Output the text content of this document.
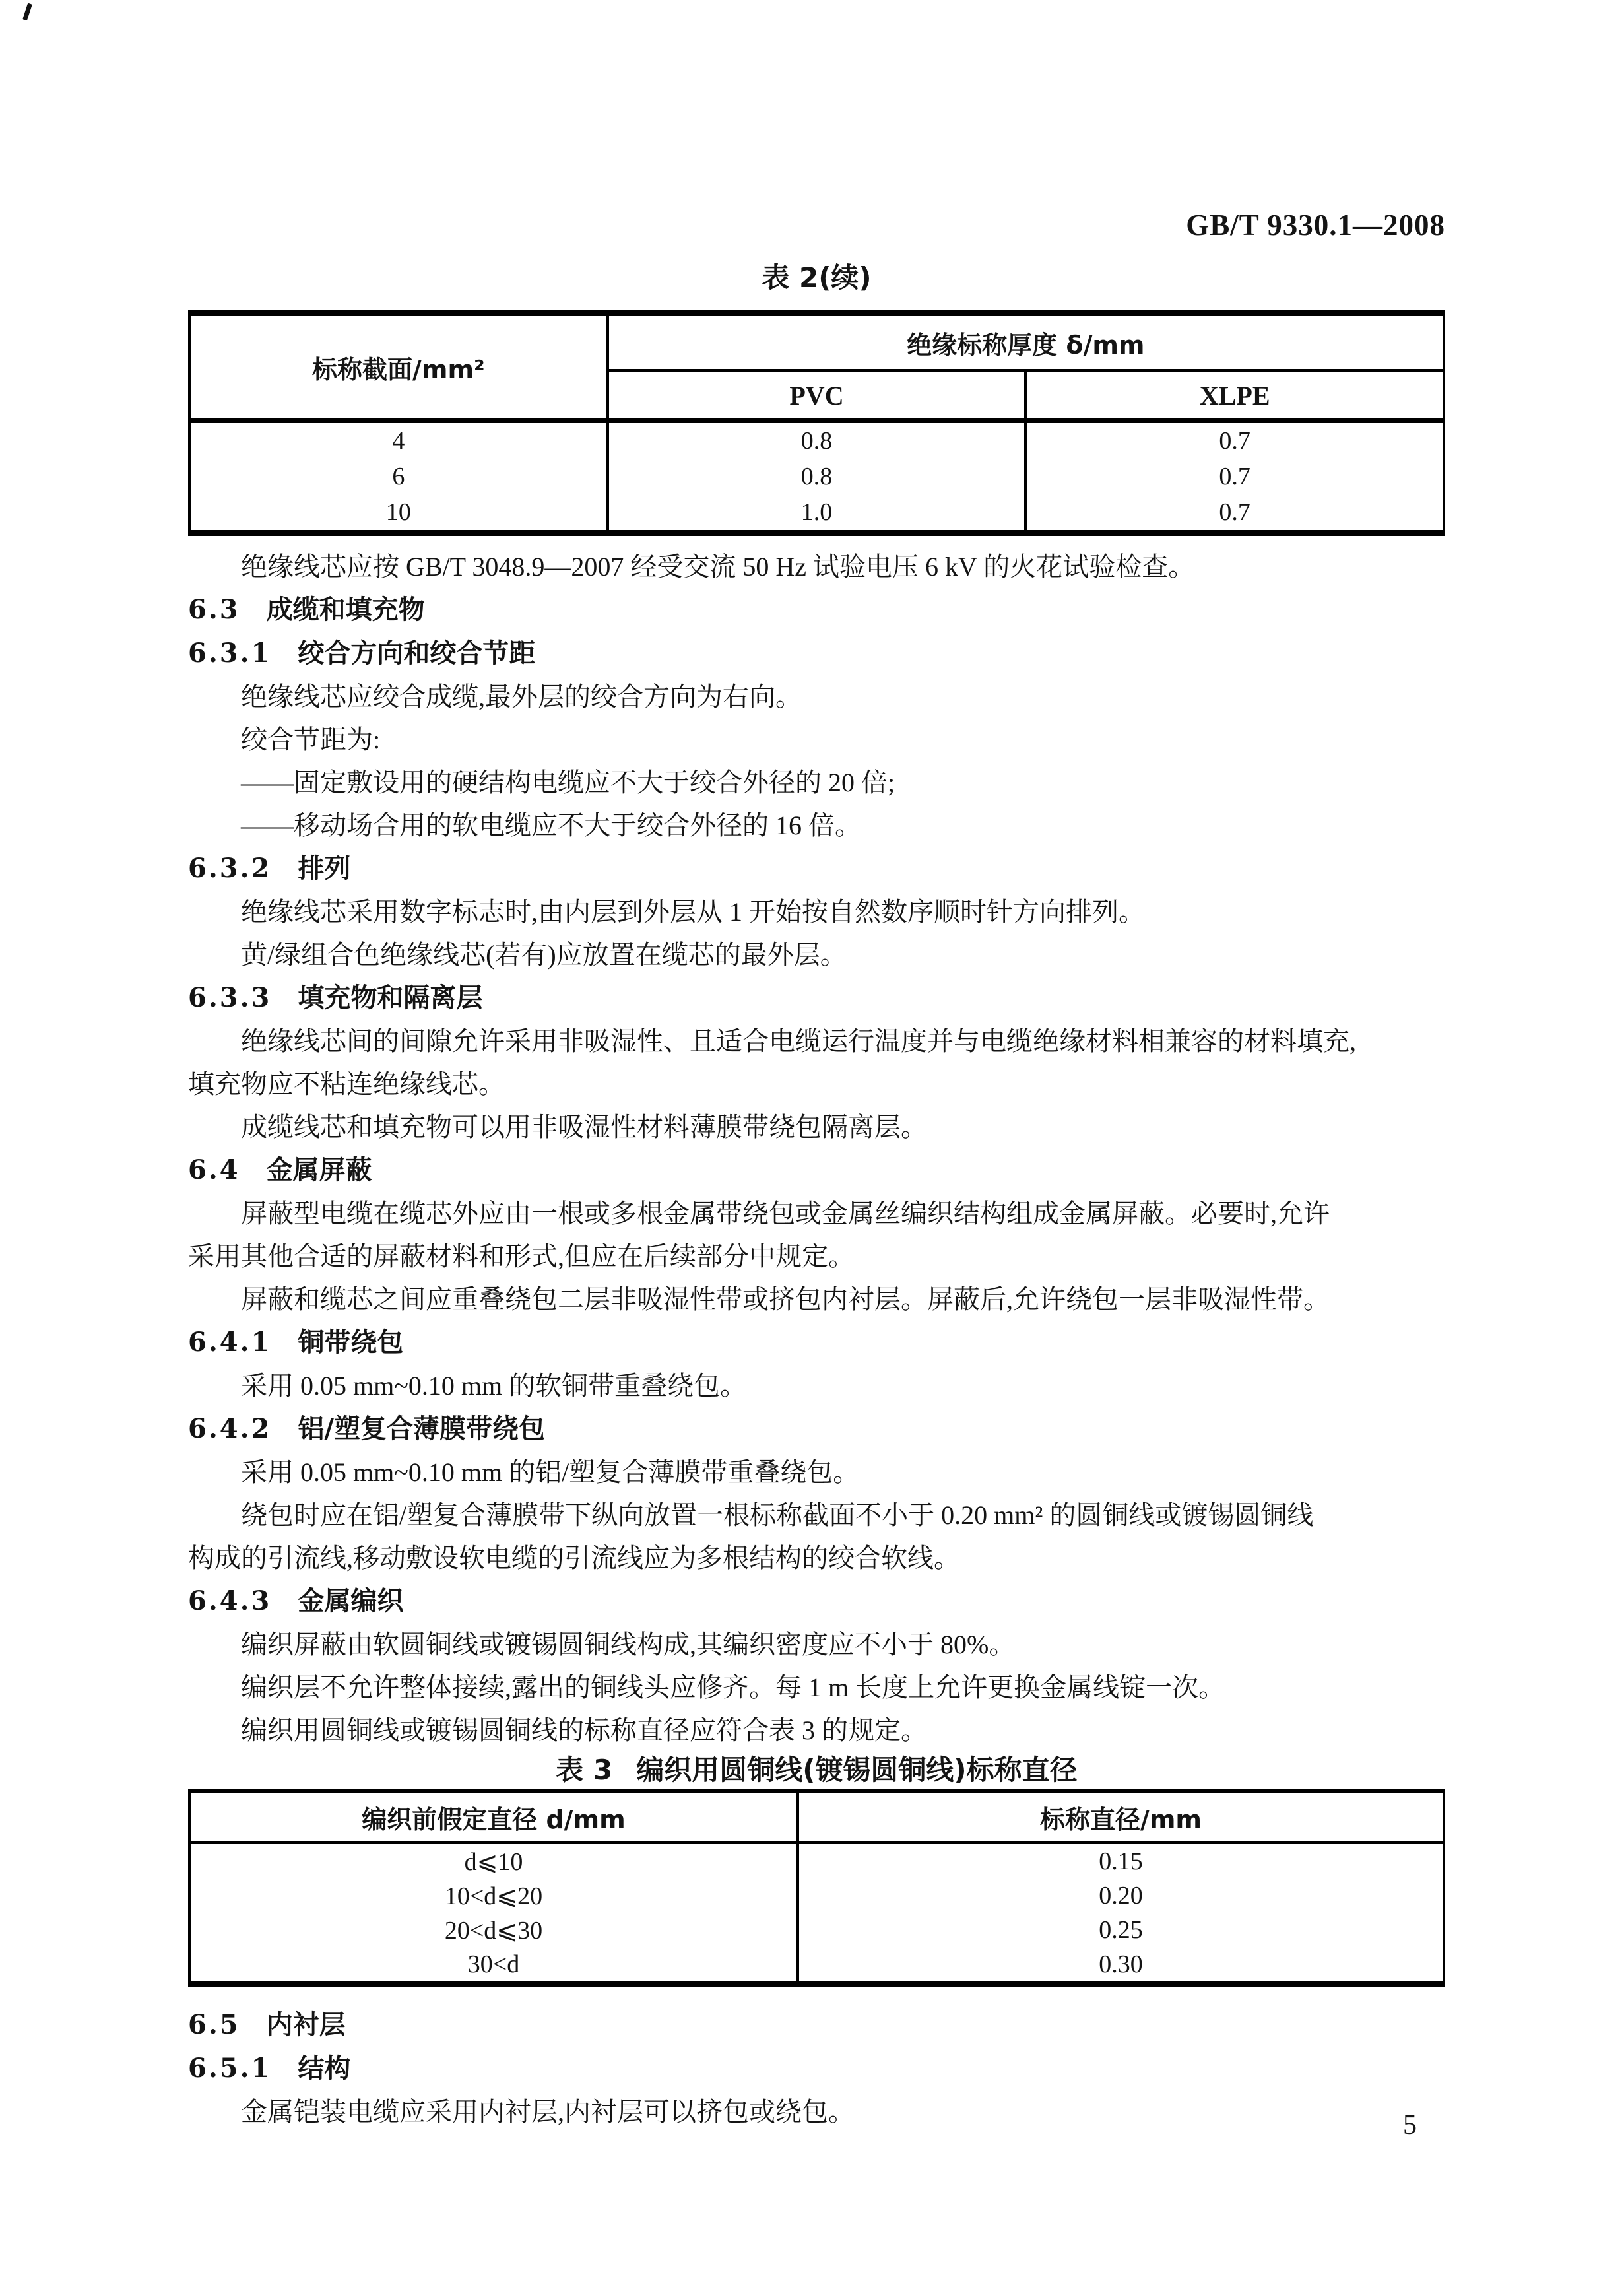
GB/T 9330.1—2008
表 2(续)
标称截面/mm²	绝缘标称厚度 δ/mm	
	PVC	XLPE
4	0.8	0.7
6	0.8	0.7
10	1.0	0.7

绝缘线芯应按 GB/T 3048.9—2007 经受交流 50 Hz 试验电压 6 kV 的火花试验检查。

6.3 成缆和填充物

6.3.1 绞合方向和绞合节距

绝缘线芯应绞合成缆,最外层的绞合方向为右向。

绞合节距为:

——固定敷设用的硬结构电缆应不大于绞合外径的 20 倍;

——移动场合用的软电缆应不大于绞合外径的 16 倍。

6.3.2 排列

绝缘线芯采用数字标志时,由内层到外层从 1 开始按自然数序顺时针方向排列。

黄/绿组合色绝缘线芯(若有)应放置在缆芯的最外层。

6.3.3 填充物和隔离层

绝缘线芯间的间隙允许采用非吸湿性、且适合电缆运行温度并与电缆绝缘材料相兼容的材料填充,

填充物应不粘连绝缘线芯。

成缆线芯和填充物可以用非吸湿性材料薄膜带绕包隔离层。

6.4 金属屏蔽

屏蔽型电缆在缆芯外应由一根或多根金属带绕包或金属丝编织结构组成金属屏蔽。必要时,允许

采用其他合适的屏蔽材料和形式,但应在后续部分中规定。

屏蔽和缆芯之间应重叠绕包二层非吸湿性带或挤包内衬层。屏蔽后,允许绕包一层非吸湿性带。

6.4.1 铜带绕包

采用 0.05 mm~0.10 mm 的软铜带重叠绕包。

6.4.2 铝/塑复合薄膜带绕包

采用 0.05 mm~0.10 mm 的铝/塑复合薄膜带重叠绕包。

绕包时应在铝/塑复合薄膜带下纵向放置一根标称截面不小于 0.20 mm² 的圆铜线或镀锡圆铜线

构成的引流线,移动敷设软电缆的引流线应为多根结构的绞合软线。

6.4.3 金属编织

编织屏蔽由软圆铜线或镀锡圆铜线构成,其编织密度应不小于 80%。

编织层不允许整体接续,露出的铜线头应修齐。每 1 m 长度上允许更换金属线锭一次。

编织用圆铜线或镀锡圆铜线的标称直径应符合表 3 的规定。

表 3 编织用圆铜线(镀锡圆铜线)标称直径
编织前假定直径 d/mm	标称直径/mm
d⩽10	0.15
10<d⩽20	0.20
20<d⩽30	0.25
30<d	0.30

6.5 内衬层

6.5.1 结构

金属铠装电缆应采用内衬层,内衬层可以挤包或绕包。	5
